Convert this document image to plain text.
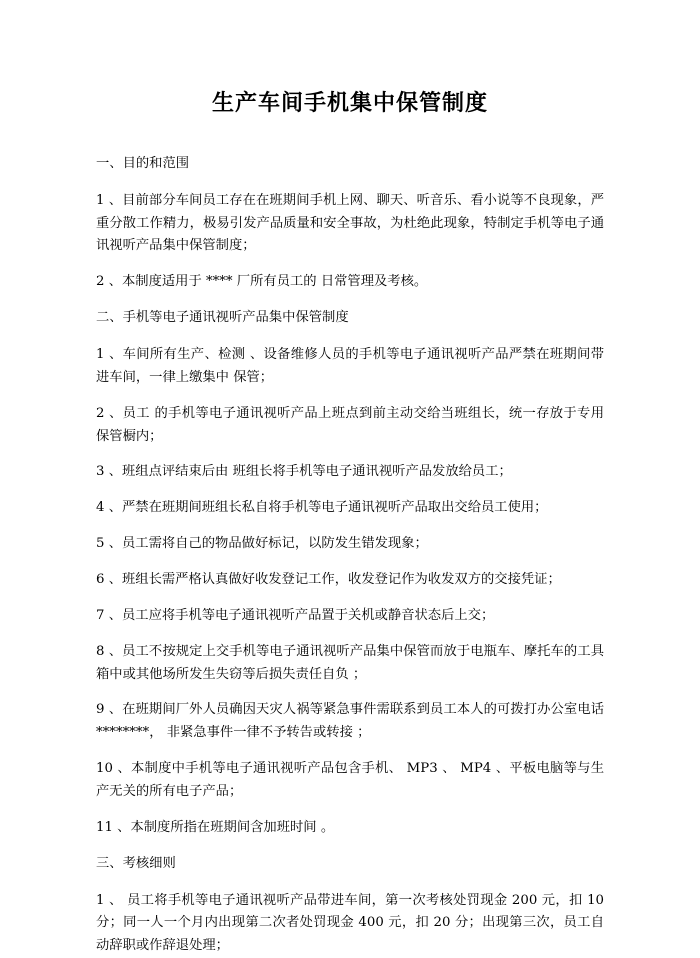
生产车间手机集中保管制度

一、目的和范围

1 、目前部分车间员工存在在班期间手机上网、聊天、听音乐、看小说等不良现象，严重分散工作精力，极易引发产品质量和安全事故，为杜绝此现象，特制定手机等电子通讯视听产品集中保管制度；

2 、本制度适用于 **** 厂所有员工的 日常管理及考核。

二、手机等电子通讯视听产品集中保管制度

1 、车间所有生产、检测 、设备维修人员的手机等电子通讯视听产品严禁在班期间带进车间，一律上缴集中 保管；

2 、员工 的手机等电子通讯视听产品上班点到前主动交给当班组长，统一存放于专用保管橱内；

3 、班组点评结束后由 班组长将手机等电子通讯视听产品发放给员工；

4 、严禁在班期间班组长私自将手机等电子通讯视听产品取出交给员工使用；

5 、员工需将自己的物品做好标记，以防发生错发现象；

6 、班组长需严格认真做好收发登记工作，收发登记作为收发双方的交接凭证；

7 、员工应将手机等电子通讯视听产品置于关机或静音状态后上交；

8 、员工不按规定上交手机等电子通讯视听产品集中保管而放于电瓶车、摩托车的工具箱中或其他场所发生失窃等后损失责任自负 ；

9 、在班期间厂外人员确因天灾人祸等紧急事件需联系到员工本人的可拨打办公室电话 ********， 非紧急事件一律不予转告或转接 ；

10 、本制度中手机等电子通讯视听产品包含手机、 MP3 、 MP4 、平板电脑等与生产无关的所有电子产品；

11 、本制度所指在班期间含加班时间 。

三、考核细则

1 、 员工将手机等电子通讯视听产品带进车间，第一次考核处罚现金 200 元，扣 10 分；同一人一个月内出现第二次者处罚现金 400 元，扣 20 分；出现第三次，员工自动辞职或作辞退处理；
